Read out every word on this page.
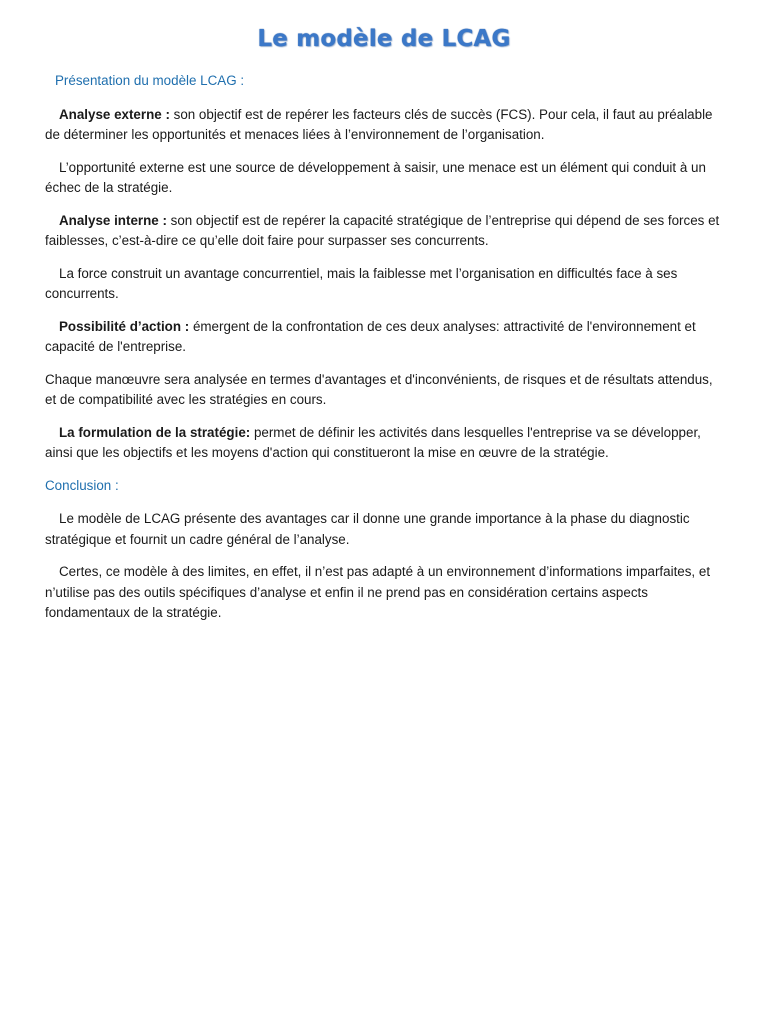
Le modèle de LCAG
Présentation du modèle LCAG :

Analyse externe : son objectif est de repérer les facteurs clés de succès (FCS). Pour cela, il faut au préalable de déterminer les opportunités et menaces liées à l’environnement de l’organisation.

L’opportunité externe est une source de développement à saisir, une menace est un élément qui conduit à un échec de la stratégie.

Analyse interne : son objectif est de repérer la capacité stratégique de l’entreprise qui dépend de ses forces et faiblesses, c’est-à-dire ce qu’elle doit faire pour surpasser ses concurrents.

La force construit un avantage concurrentiel, mais la faiblesse met l’organisation en difficultés face à ses concurrents.

Possibilité d’action : émergent de la confrontation de ces deux analyses: attractivité de l'environnement et capacité de l'entreprise.

Chaque manœuvre sera analysée en termes d'avantages et d'inconvénients, de risques et de résultats attendus, et de compatibilité avec les stratégies en cours.

La formulation de la stratégie: permet de définir les activités dans lesquelles l'entreprise va se développer, ainsi que les objectifs et les moyens d'action qui constitueront la mise en œuvre de la stratégie.

Conclusion :

Le modèle de LCAG présente des avantages car il donne une grande importance à la phase du diagnostic stratégique et fournit un cadre général de l’analyse.

Certes, ce modèle à des limites, en effet, il n’est pas adapté à un environnement d’informations imparfaites, et n’utilise pas des outils spécifiques d’analyse et enfin il ne prend pas en considération certains aspects fondamentaux de la stratégie.
